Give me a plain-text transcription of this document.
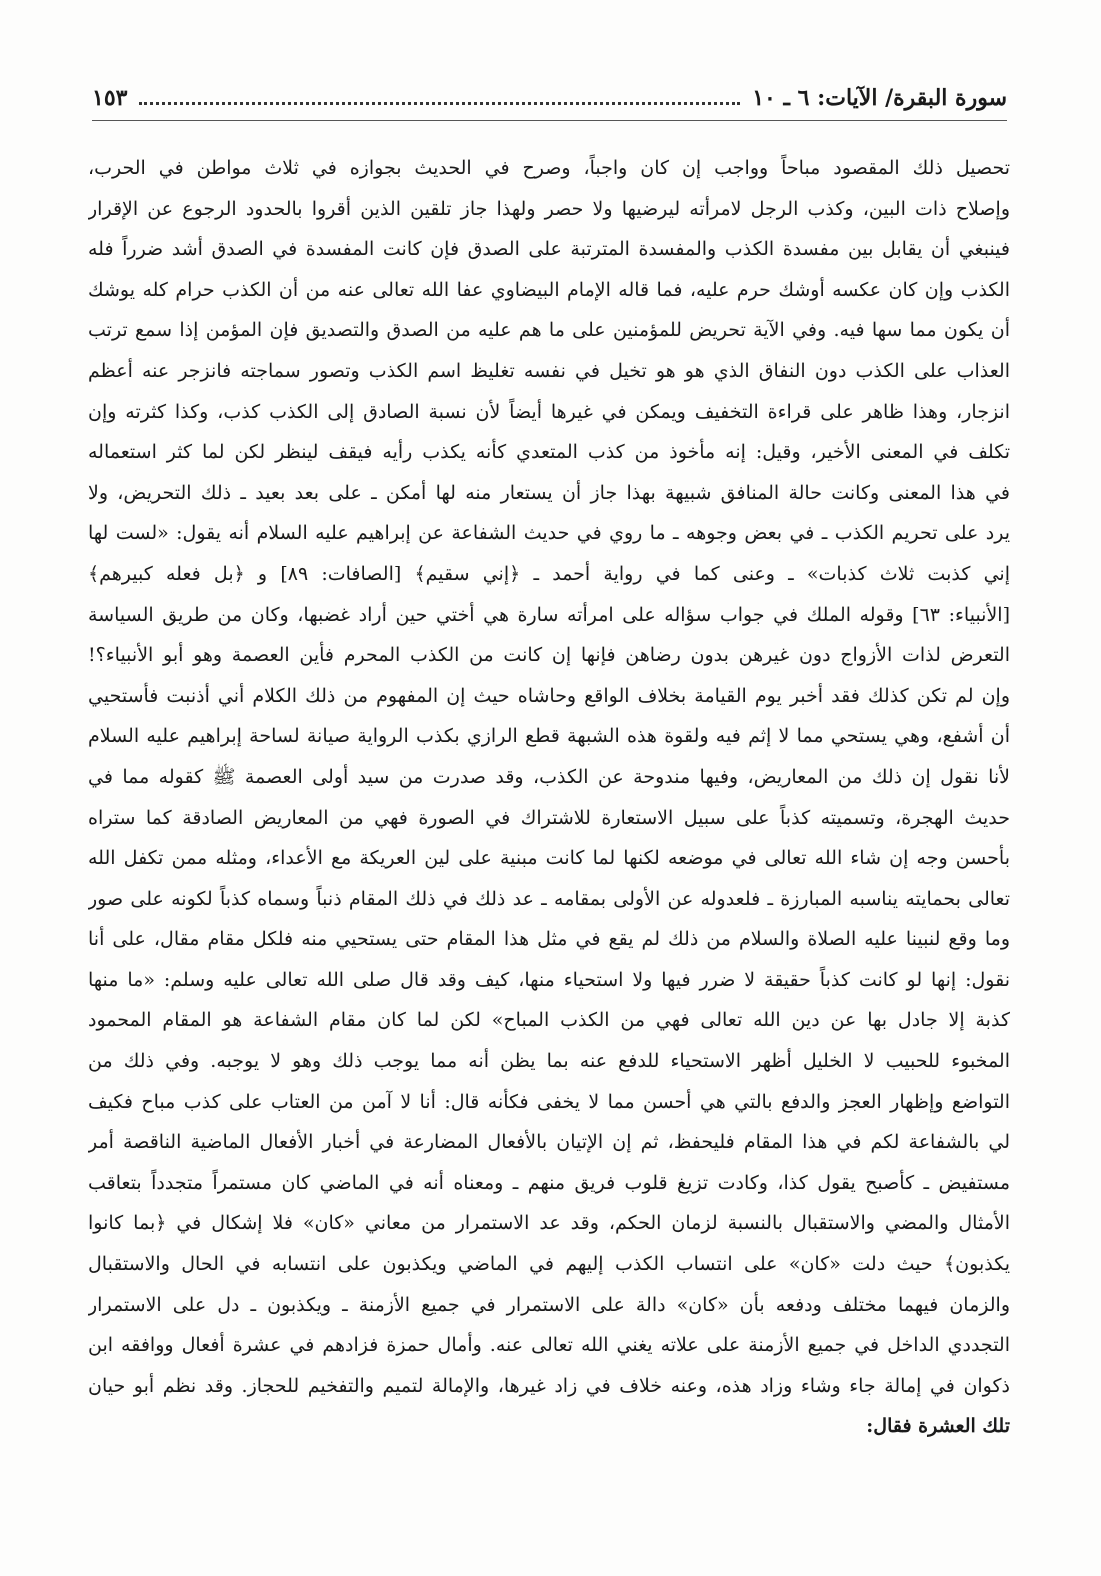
سورة البقرة/ الآيات: ٦ ـ ١٠
١٥٣
تحصيل ذلك المقصود مباحاً وواجب إن كان واجباً، وصرح في الحديث بجوازه في ثلاث مواطن في الحرب،
وإصلاح ذات البين، وكذب الرجل لامرأته ليرضيها ولا حصر ولهذا جاز تلقين الذين أقروا بالحدود الرجوع عن الإقرار
فينبغي أن يقابل بين مفسدة الكذب والمفسدة المترتبة على الصدق فإن كانت المفسدة في الصدق أشد ضرراً فله
الكذب وإن كان عكسه أوشك حرم عليه، فما قاله الإمام البيضاوي عفا الله تعالى عنه من أن الكذب حرام كله يوشك
أن يكون مما سها فيه. وفي الآية تحريض للمؤمنين على ما هم عليه من الصدق والتصديق فإن المؤمن إذا سمع ترتب
العذاب على الكذب دون النفاق الذي هو هو تخيل في نفسه تغليظ اسم الكذب وتصور سماجته فانزجر عنه أعظم
انزجار، وهذا ظاهر على قراءة التخفيف ويمكن في غيرها أيضاً لأن نسبة الصادق إلى الكذب كذب، وكذا كثرته وإن
تكلف في المعنى الأخير، وقيل: إنه مأخوذ من كذب المتعدي كأنه يكذب رأيه فيقف لينظر لكن لما كثر استعماله
في هذا المعنى وكانت حالة المنافق شبيهة بهذا جاز أن يستعار منه لها أمكن ـ على بعد بعيد ـ ذلك التحريض، ولا
يرد على تحريم الكذب ـ في بعض وجوهه ـ ما روي في حديث الشفاعة عن إبراهيم عليه السلام أنه يقول: «لست لها
إني كذبت ثلاث كذبات» ـ وعنى كما في رواية أحمد ـ ﴿إني سقيم﴾ [الصافات: ٨٩] و ﴿بل فعله كبيرهم﴾
[الأنبياء: ٦٣] وقوله الملك في جواب سؤاله على امرأته سارة هي أختي حين أراد غضبها، وكان من طريق السياسة
التعرض لذات الأزواج دون غيرهن بدون رضاهن فإنها إن كانت من الكذب المحرم فأين العصمة وهو أبو الأنبياء؟!
وإن لم تكن كذلك فقد أخبر يوم القيامة بخلاف الواقع وحاشاه حيث إن المفهوم من ذلك الكلام أني أذنبت فأستحيي
أن أشفع، وهي يستحي مما لا إثم فيه ولقوة هذه الشبهة قطع الرازي بكذب الرواية صيانة لساحة إبراهيم عليه السلام
لأنا نقول إن ذلك من المعاريض، وفيها مندوحة عن الكذب، وقد صدرت من سيد أولى العصمة ﷺ كقوله مما في
حديث الهجرة، وتسميته كذباً على سبيل الاستعارة للاشتراك في الصورة فهي من المعاريض الصادقة كما ستراه
بأحسن وجه إن شاء الله تعالى في موضعه لكنها لما كانت مبنية على لين العريكة مع الأعداء، ومثله ممن تكفل الله
تعالى بحمايته يناسبه المبارزة ـ فلعدوله عن الأولى بمقامه ـ عد ذلك في ذلك المقام ذنباً وسماه كذباً لكونه على صور
وما وقع لنبينا عليه الصلاة والسلام من ذلك لم يقع في مثل هذا المقام حتى يستحيي منه فلكل مقام مقال، على أنا
نقول: إنها لو كانت كذباً حقيقة لا ضرر فيها ولا استحياء منها، كيف وقد قال صلى الله تعالى عليه وسلم: «ما منها
كذبة إلا جادل بها عن دين الله تعالى فهي من الكذب المباح» لكن لما كان مقام الشفاعة هو المقام المحمود
المخبوء للحبيب لا الخليل أظهر الاستحياء للدفع عنه بما يظن أنه مما يوجب ذلك وهو لا يوجبه. وفي ذلك من
التواضع وإظهار العجز والدفع بالتي هي أحسن مما لا يخفى فكأنه قال: أنا لا آمن من العتاب على كذب مباح فكيف
لي بالشفاعة لكم في هذا المقام فليحفظ، ثم إن الإتيان بالأفعال المضارعة في أخبار الأفعال الماضية الناقصة أمر
مستفيض ـ كأصبح يقول كذا، وكادت تزيغ قلوب فريق منهم ـ ومعناه أنه في الماضي كان مستمراً متجدداً بتعاقب
الأمثال والمضي والاستقبال بالنسبة لزمان الحكم، وقد عد الاستمرار من معاني «كان» فلا إشكال في ﴿بما كانوا
يكذبون﴾ حيث دلت «كان» على انتساب الكذب إليهم في الماضي ويكذبون على انتسابه في الحال والاستقبال
والزمان فيهما مختلف ودفعه بأن «كان» دالة على الاستمرار في جميع الأزمنة ـ ويكذبون ـ دل على الاستمرار
التجددي الداخل في جميع الأزمنة على علاته يغني الله تعالى عنه. وأمال حمزة فزادهم في عشرة أفعال ووافقه ابن
ذكوان في إمالة جاء وشاء وزاد هذه، وعنه خلاف في زاد غيرها، والإمالة لتميم والتفخيم للحجاز. وقد نظم أبو حيان
تلك العشرة فقال:
